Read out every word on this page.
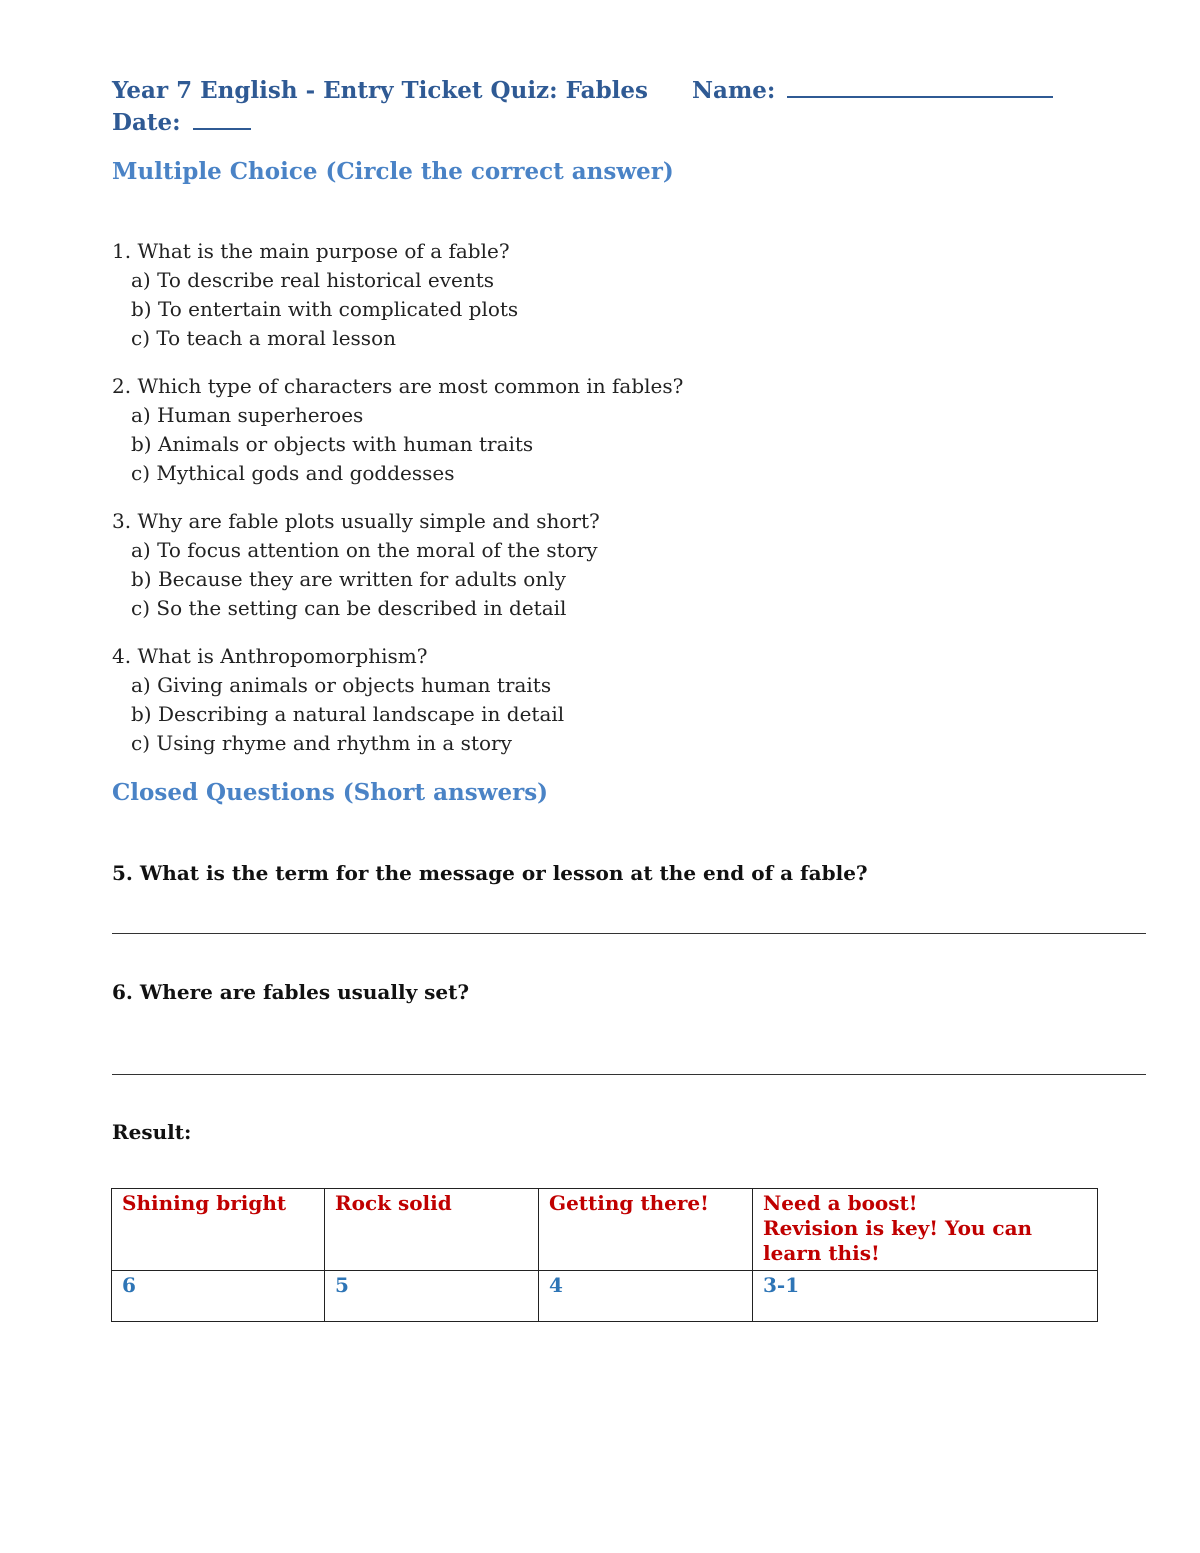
Year 7 English - Entry Ticket Quiz: Fables Name:
Date:
Multiple Choice (Circle the correct answer)
1. What is the main purpose of a fable?
a) To describe real historical events
b) To entertain with complicated plots
c) To teach a moral lesson
2. Which type of characters are most common in fables?
a) Human superheroes
b) Animals or objects with human traits
c) Mythical gods and goddesses
3. Why are fable plots usually simple and short?
a) To focus attention on the moral of the story
b) Because they are written for adults only
c) So the setting can be described in detail
4. What is Anthropomorphism?
a) Giving animals or objects human traits
b) Describing a natural landscape in detail
c) Using rhyme and rhythm in a story
Closed Questions (Short answers)
5. What is the term for the message or lesson at the end of a fable?
6. Where are fables usually set?
Result:
Shining bright	Rock solid	Getting there!	Need a boost!
Revision is key! You can learn this!

6	5	4	3-1
